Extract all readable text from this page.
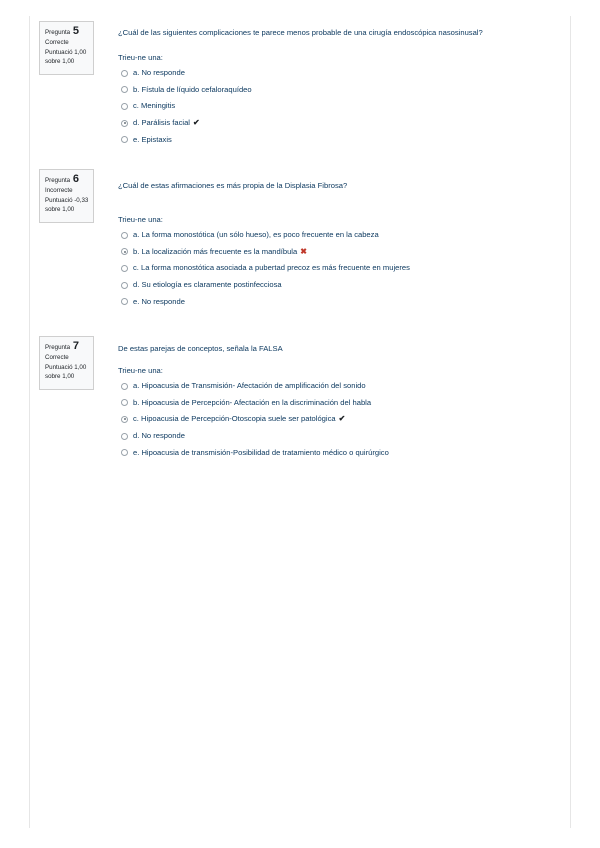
Pregunta 5
Correcte
Puntuació 1,00
sobre 1,00
¿Cuál de las siguientes complicaciones te parece menos probable de una cirugía endoscópica nasosinusal?
Trieu-ne una:
a. No responde
b. Fístula de líquido cefaloraquídeo
c. Meningitis
d. Parálisis facial ✔
e. Epistaxis
Pregunta 6
Incorrecte
Puntuació -0,33
sobre 1,00
¿Cuál de estas afirmaciones es más propia de la Displasia Fibrosa?
Trieu-ne una:
a. La forma monostótica (un sólo hueso), es poco frecuente en la cabeza
b. La localización más frecuente es la mandíbula ✖
c. La forma monostótica asociada a pubertad precoz es más frecuente en mujeres
d. Su etiología es claramente postinfecciosa
e. No responde
Pregunta 7
Correcte
Puntuació 1,00
sobre 1,00
De estas parejas de conceptos, señala la FALSA
Trieu-ne una:
a. Hipoacusia de Transmisión- Afectación de amplificación del sonido
b. Hipoacusia de Percepción- Afectación en la discriminación del habla
c. Hipoacusia de Percepción-Otoscopia suele ser patológica ✔
d. No responde
e. Hipoacusia de transmisión-Posibilidad de tratamiento médico o quirúrgico
